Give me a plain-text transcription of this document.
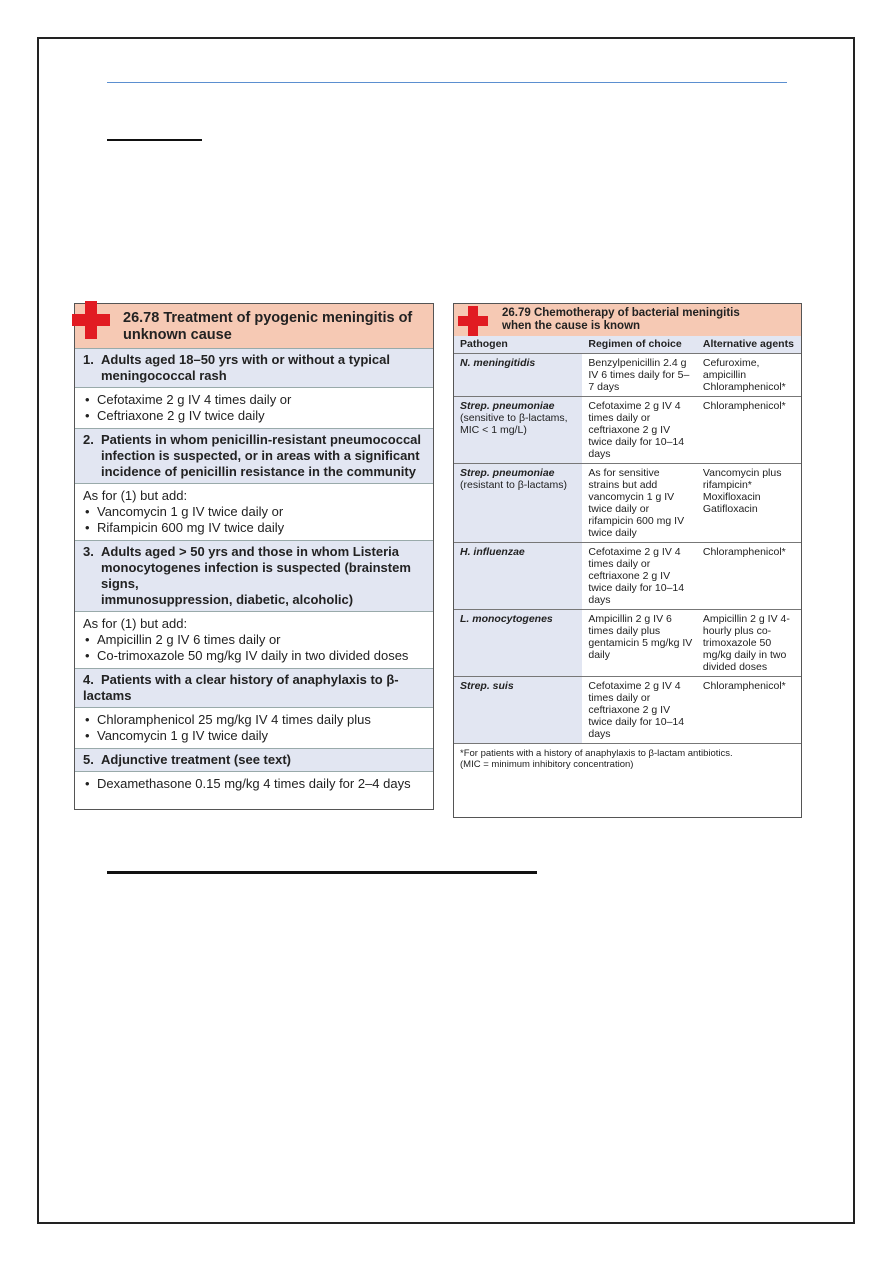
26.78 Treatment of pyogenic meningitis of
unknown cause
1. Adults aged 18–50 yrs with or without a typical
meningococcal rash
• Cefotaxime 2 g IV 4 times daily or
• Ceftriaxone 2 g IV twice daily
2. Patients in whom penicillin-resistant pneumococcal
infection is suspected, or in areas with a significant
incidence of penicillin resistance in the community
As for (1) but add:
• Vancomycin 1 g IV twice daily or
• Rifampicin 600 mg IV twice daily
3. Adults aged > 50 yrs and those in whom Listeria
monocytogenes infection is suspected (brainstem signs,
immunosuppression, diabetic, alcoholic)
As for (1) but add:
• Ampicillin 2 g IV 6 times daily or
• Co-trimoxazole 50 mg/kg IV daily in two divided doses
4. Patients with a clear history of anaphylaxis to β-lactams
• Chloramphenicol 25 mg/kg IV 4 times daily plus
• Vancomycin 1 g IV twice daily
5. Adjunctive treatment (see text)
• Dexamethasone 0.15 mg/kg 4 times daily for 2–4 days
26.79 Chemotherapy of bacterial meningitis
when the cause is known
Pathogen	Regimen of choice	Alternative agents

N. meningitidis	Benzylpenicillin 2.4 g IV 6 times daily for 5–7 days	Cefuroxime, ampicillin Chloramphenicol*

Strep. pneumoniae
(sensitive to β-lactams, MIC < 1 mg/L)	Cefotaxime 2 g IV 4 times daily or ceftriaxone 2 g IV twice daily for 10–14 days	Chloramphenicol*

Strep. pneumoniae
(resistant to β-lactams)	As for sensitive strains but add vancomycin 1 g IV twice daily or rifampicin 600 mg IV twice daily	Vancomycin plus rifampicin* Moxifloxacin Gatifloxacin

H. influenzae	Cefotaxime 2 g IV 4 times daily or ceftriaxone 2 g IV twice daily for 10–14 days	Chloramphenicol*

L. monocytogenes	Ampicillin 2 g IV 6 times daily plus gentamicin 5 mg/kg IV daily	Ampicillin 2 g IV 4-hourly plus co-trimoxazole 50 mg/kg daily in two divided doses

Strep. suis	Cefotaxime 2 g IV 4 times daily or ceftriaxone 2 g IV twice daily for 10–14 days	Chloramphenicol*
*For patients with a history of anaphylaxis to β-lactam antibiotics.
(MIC = minimum inhibitory concentration)
